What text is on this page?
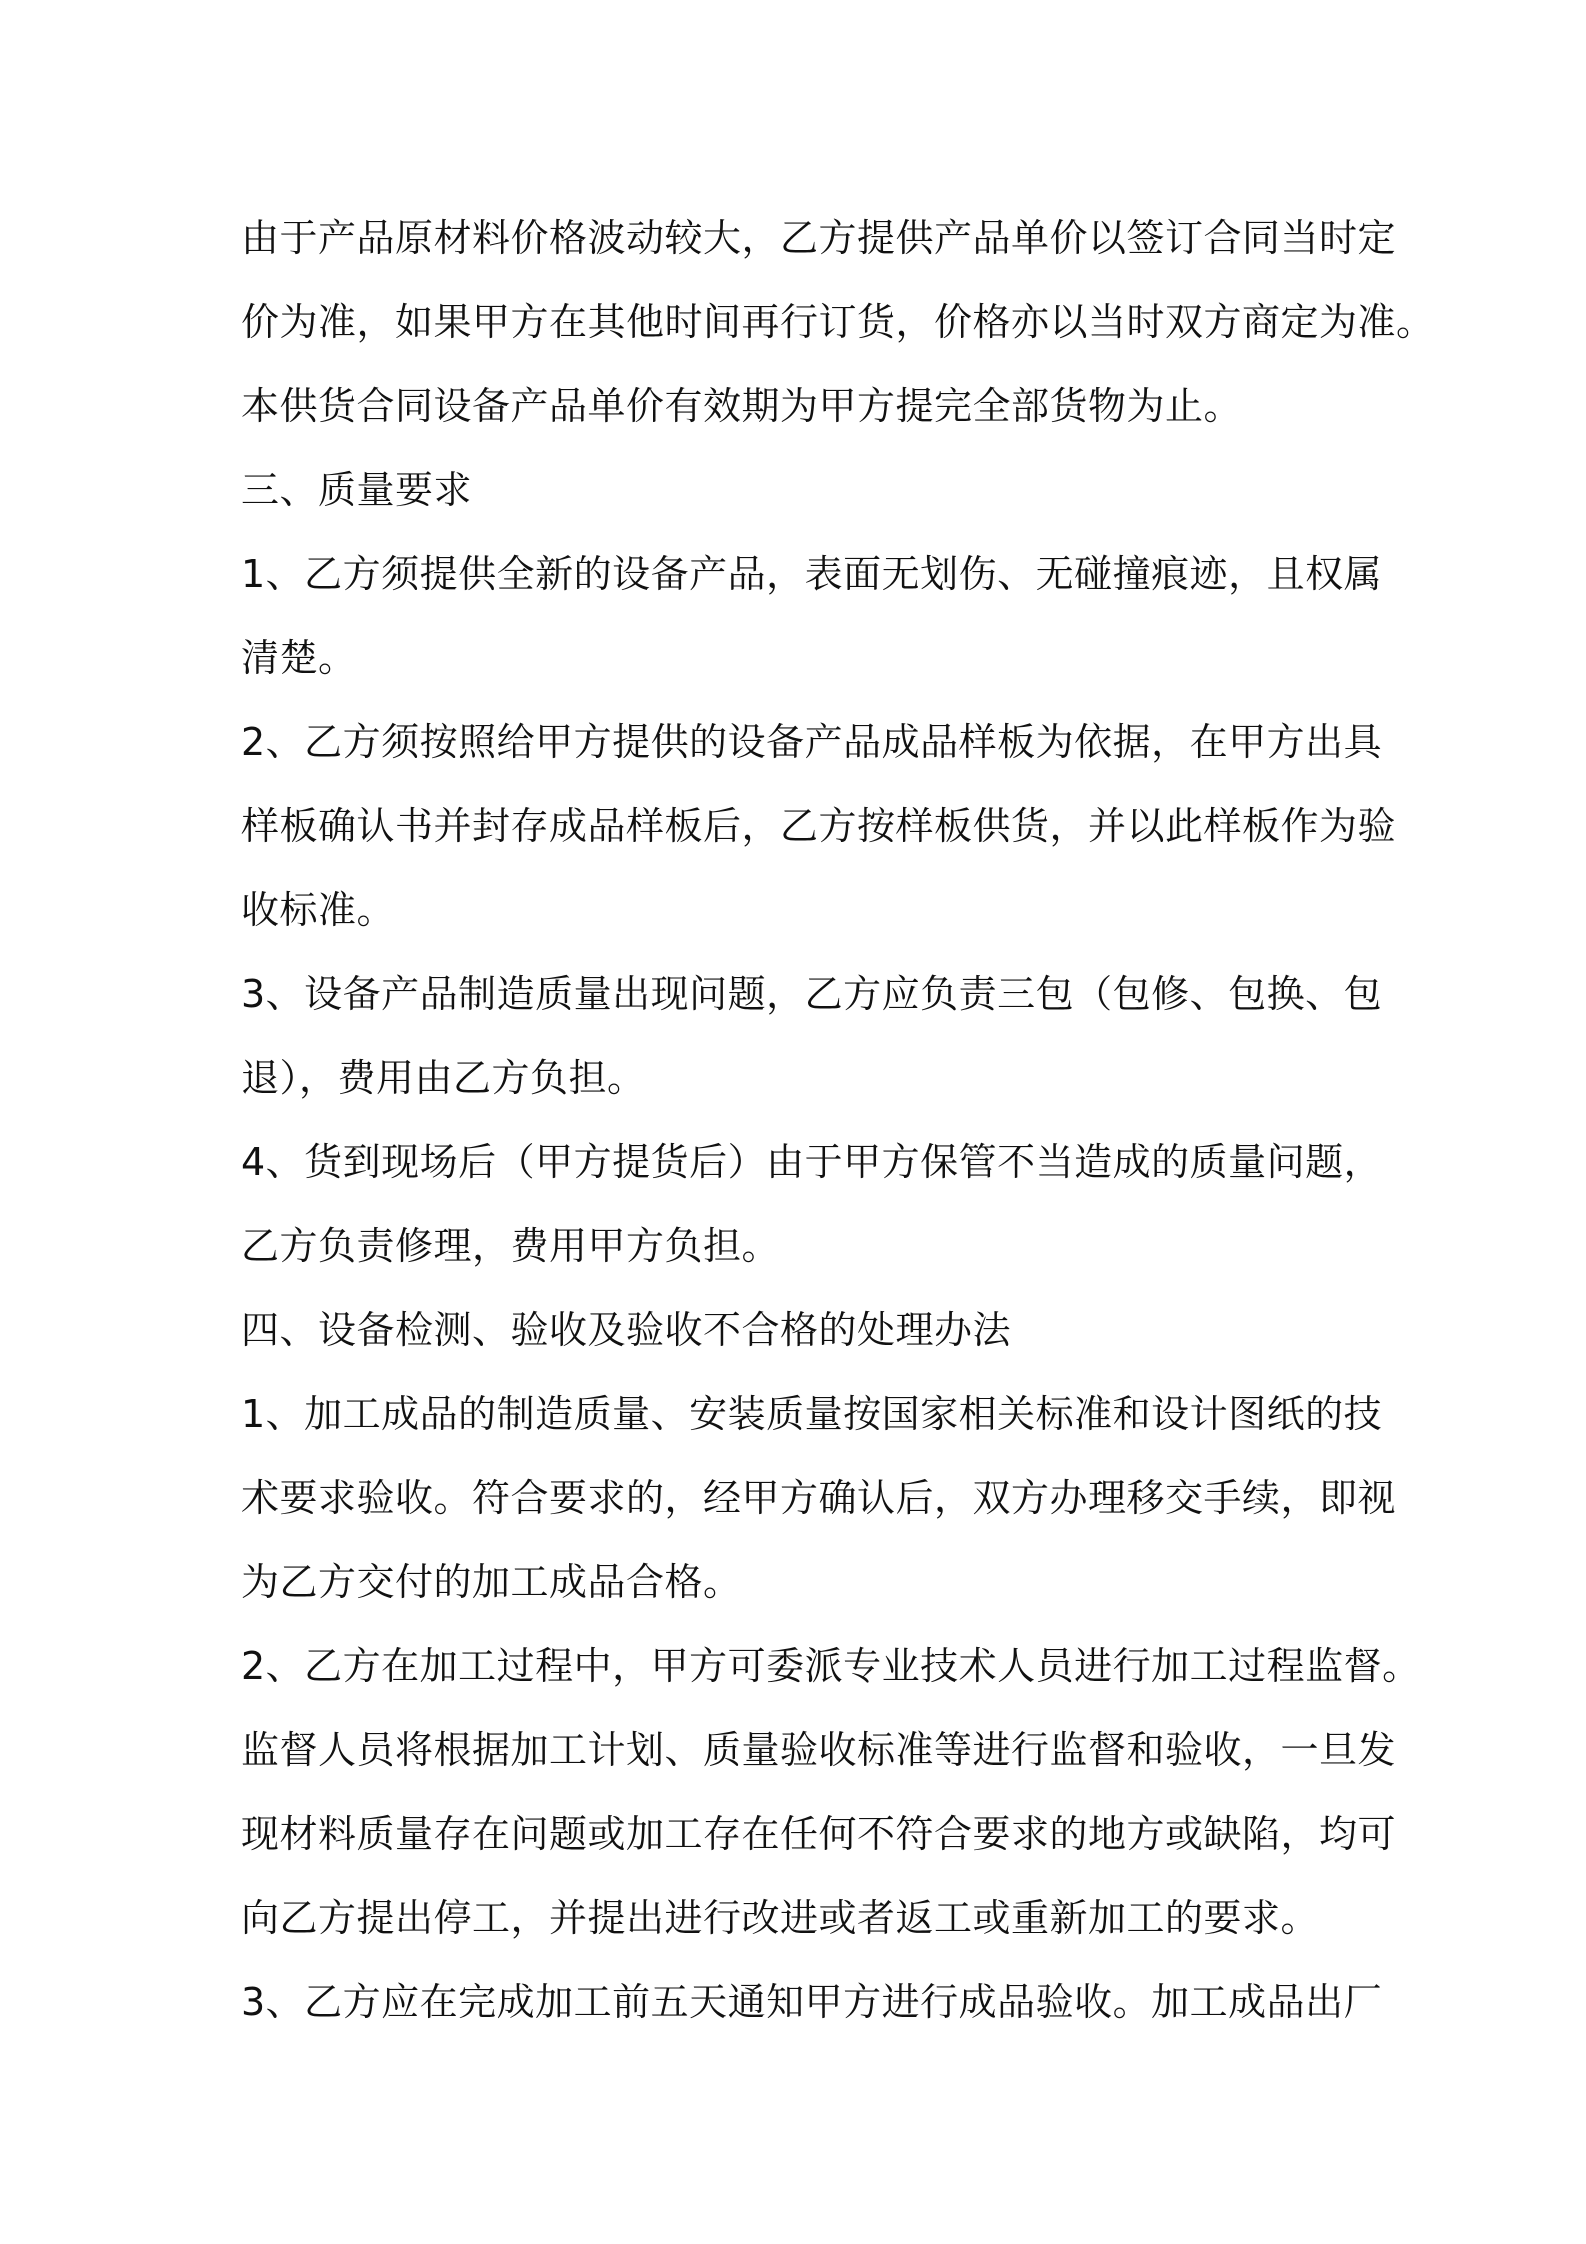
由于产品原材料价格波动较大，乙方提供产品单价以签订合同当时定
价为准，如果甲方在其他时间再行订货，价格亦以当时双方商定为准。
本供货合同设备产品单价有效期为甲方提完全部货物为止。
三、质量要求
1、乙方须提供全新的设备产品，表面无划伤、无碰撞痕迹，且权属
清楚。
2、乙方须按照给甲方提供的设备产品成品样板为依据，在甲方出具
样板确认书并封存成品样板后，乙方按样板供货，并以此样板作为验
收标准。
3、设备产品制造质量出现问题，乙方应负责三包（包修、包换、包
退），费用由乙方负担。
4、货到现场后（甲方提货后）由于甲方保管不当造成的质量问题，
乙方负责修理，费用甲方负担。
四、设备检测、验收及验收不合格的处理办法
1、加工成品的制造质量、安装质量按国家相关标准和设计图纸的技
术要求验收。符合要求的，经甲方确认后，双方办理移交手续，即视
为乙方交付的加工成品合格。
2、乙方在加工过程中，甲方可委派专业技术人员进行加工过程监督。
监督人员将根据加工计划、质量验收标准等进行监督和验收，一旦发
现材料质量存在问题或加工存在任何不符合要求的地方或缺陷，均可
向乙方提出停工，并提出进行改进或者返工或重新加工的要求。
3、乙方应在完成加工前五天通知甲方进行成品验收。加工成品出厂
